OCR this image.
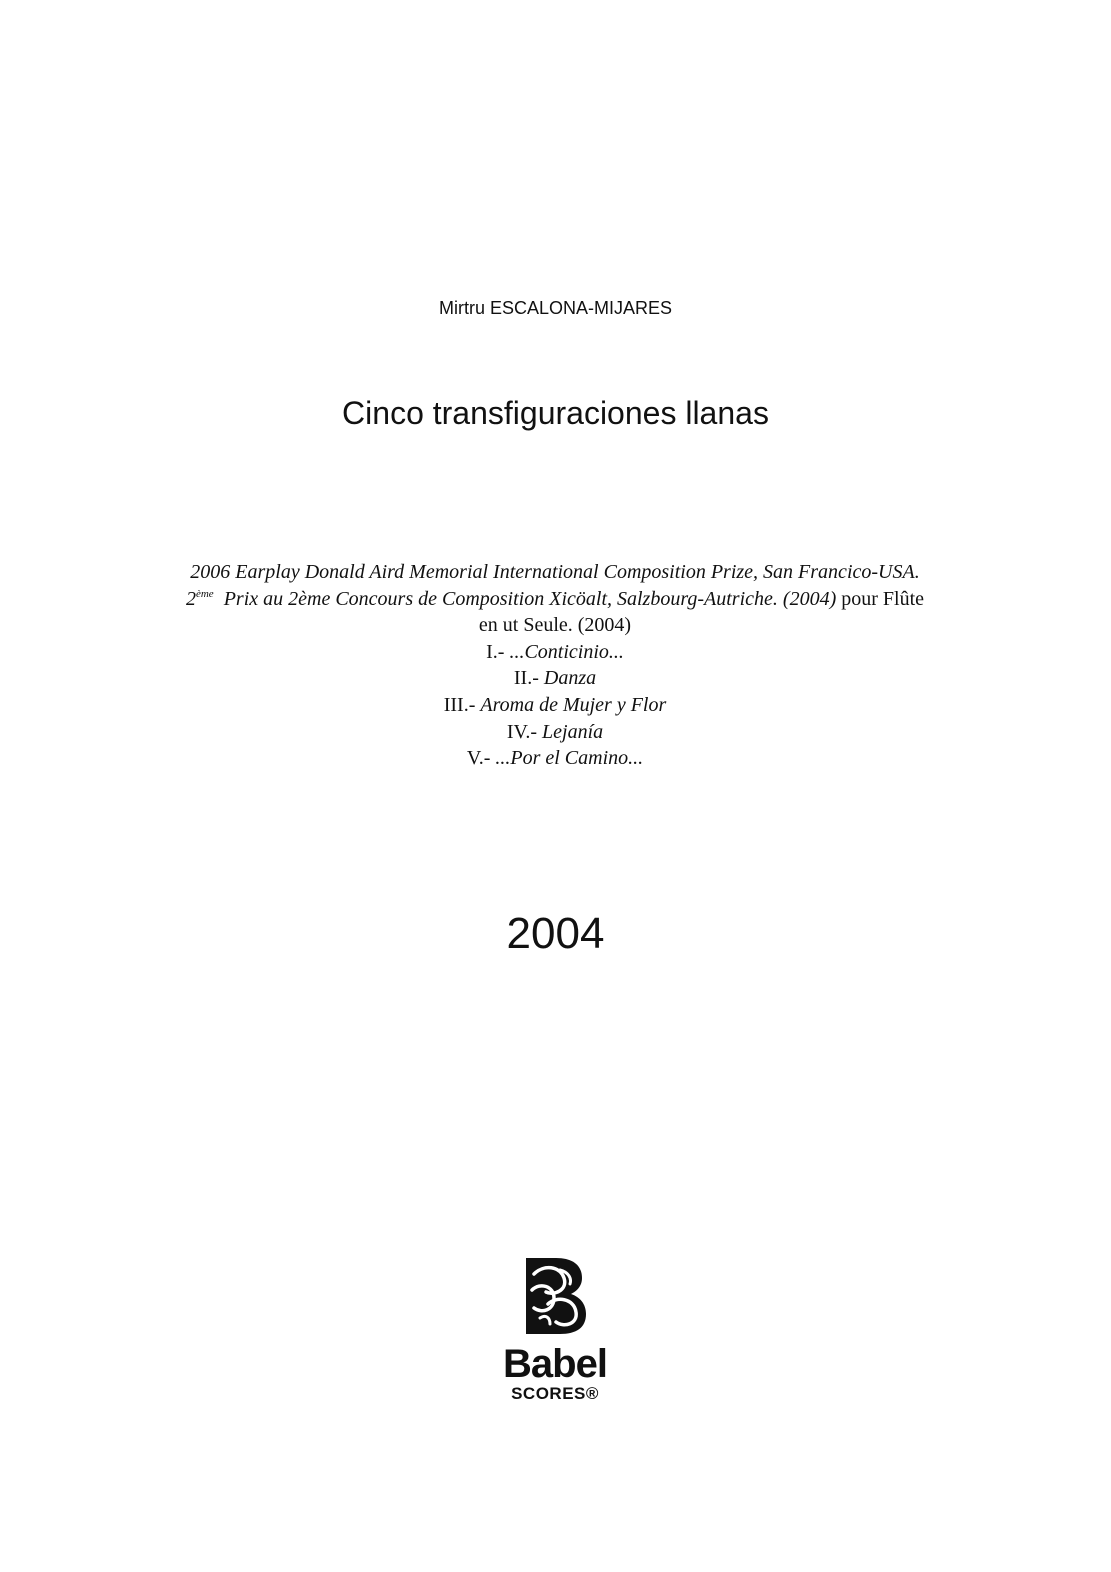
Mirtru ESCALONA-MIJARES
Cinco transfiguraciones llanas
2006 Earplay Donald Aird Memorial International Composition Prize, San Francico-USA.
2ème Prix au 2ème Concours de Composition Xicöalt, Salzbourg-Autriche. (2004) pour Flûte
en ut Seule. (2004)
I.- ...Conticinio...
II.- Danza
III.- Aroma de Mujer y Flor
IV.- Lejanía
V.- ...Por el Camino...
2004
Babel
SCORES®
